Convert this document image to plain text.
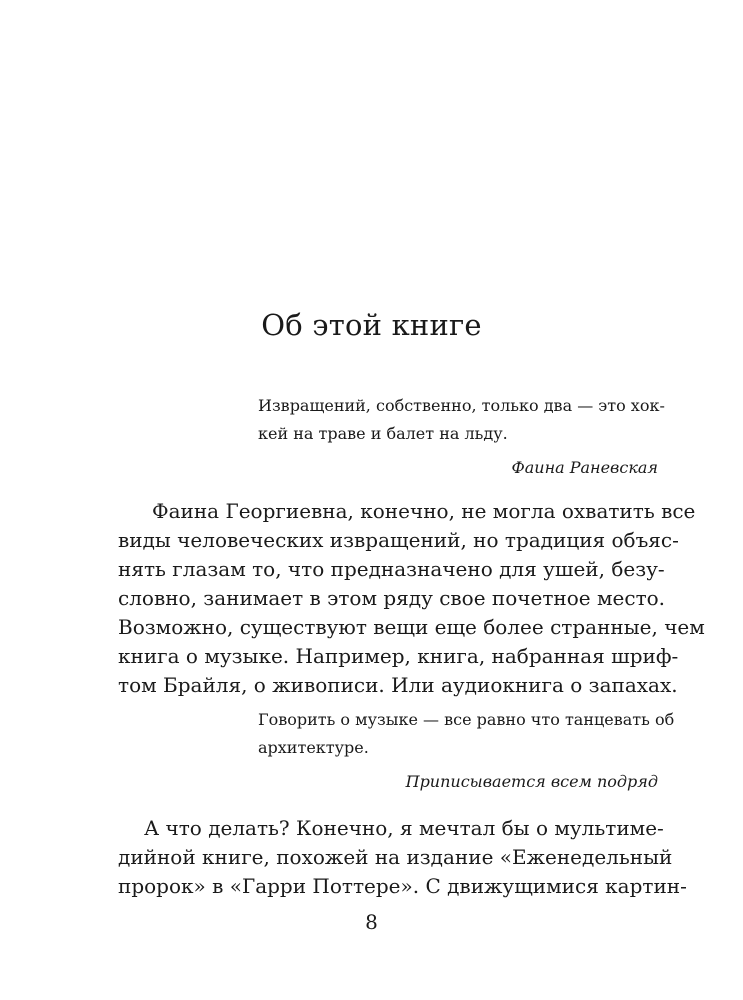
Об этой книге
Извращений, собственно, только два — это хок-
кей на траве и балет на льду.
Фаина Раневская
Фаина Георгиевна, конечно, не могла охватить все
виды человеческих извращений, но традиция объяс-
нять глазам то, что предназначено для ушей, безу-
словно, занимает в этом ряду свое почетное место.
Возможно, существуют вещи еще более странные, чем
книга о музыке. Например, книга, набранная шриф-
том Брайля, о живописи. Или аудиокнига о запахах.
Говорить о музыке — все равно что танцевать об
архитектуре.
Приписывается всем подряд
А что делать? Конечно, я мечтал бы о мультиме-
дийной книге, похожей на издание «Еженедельный
пророк» в «Гарри Поттере». С движущимися картин-
8
